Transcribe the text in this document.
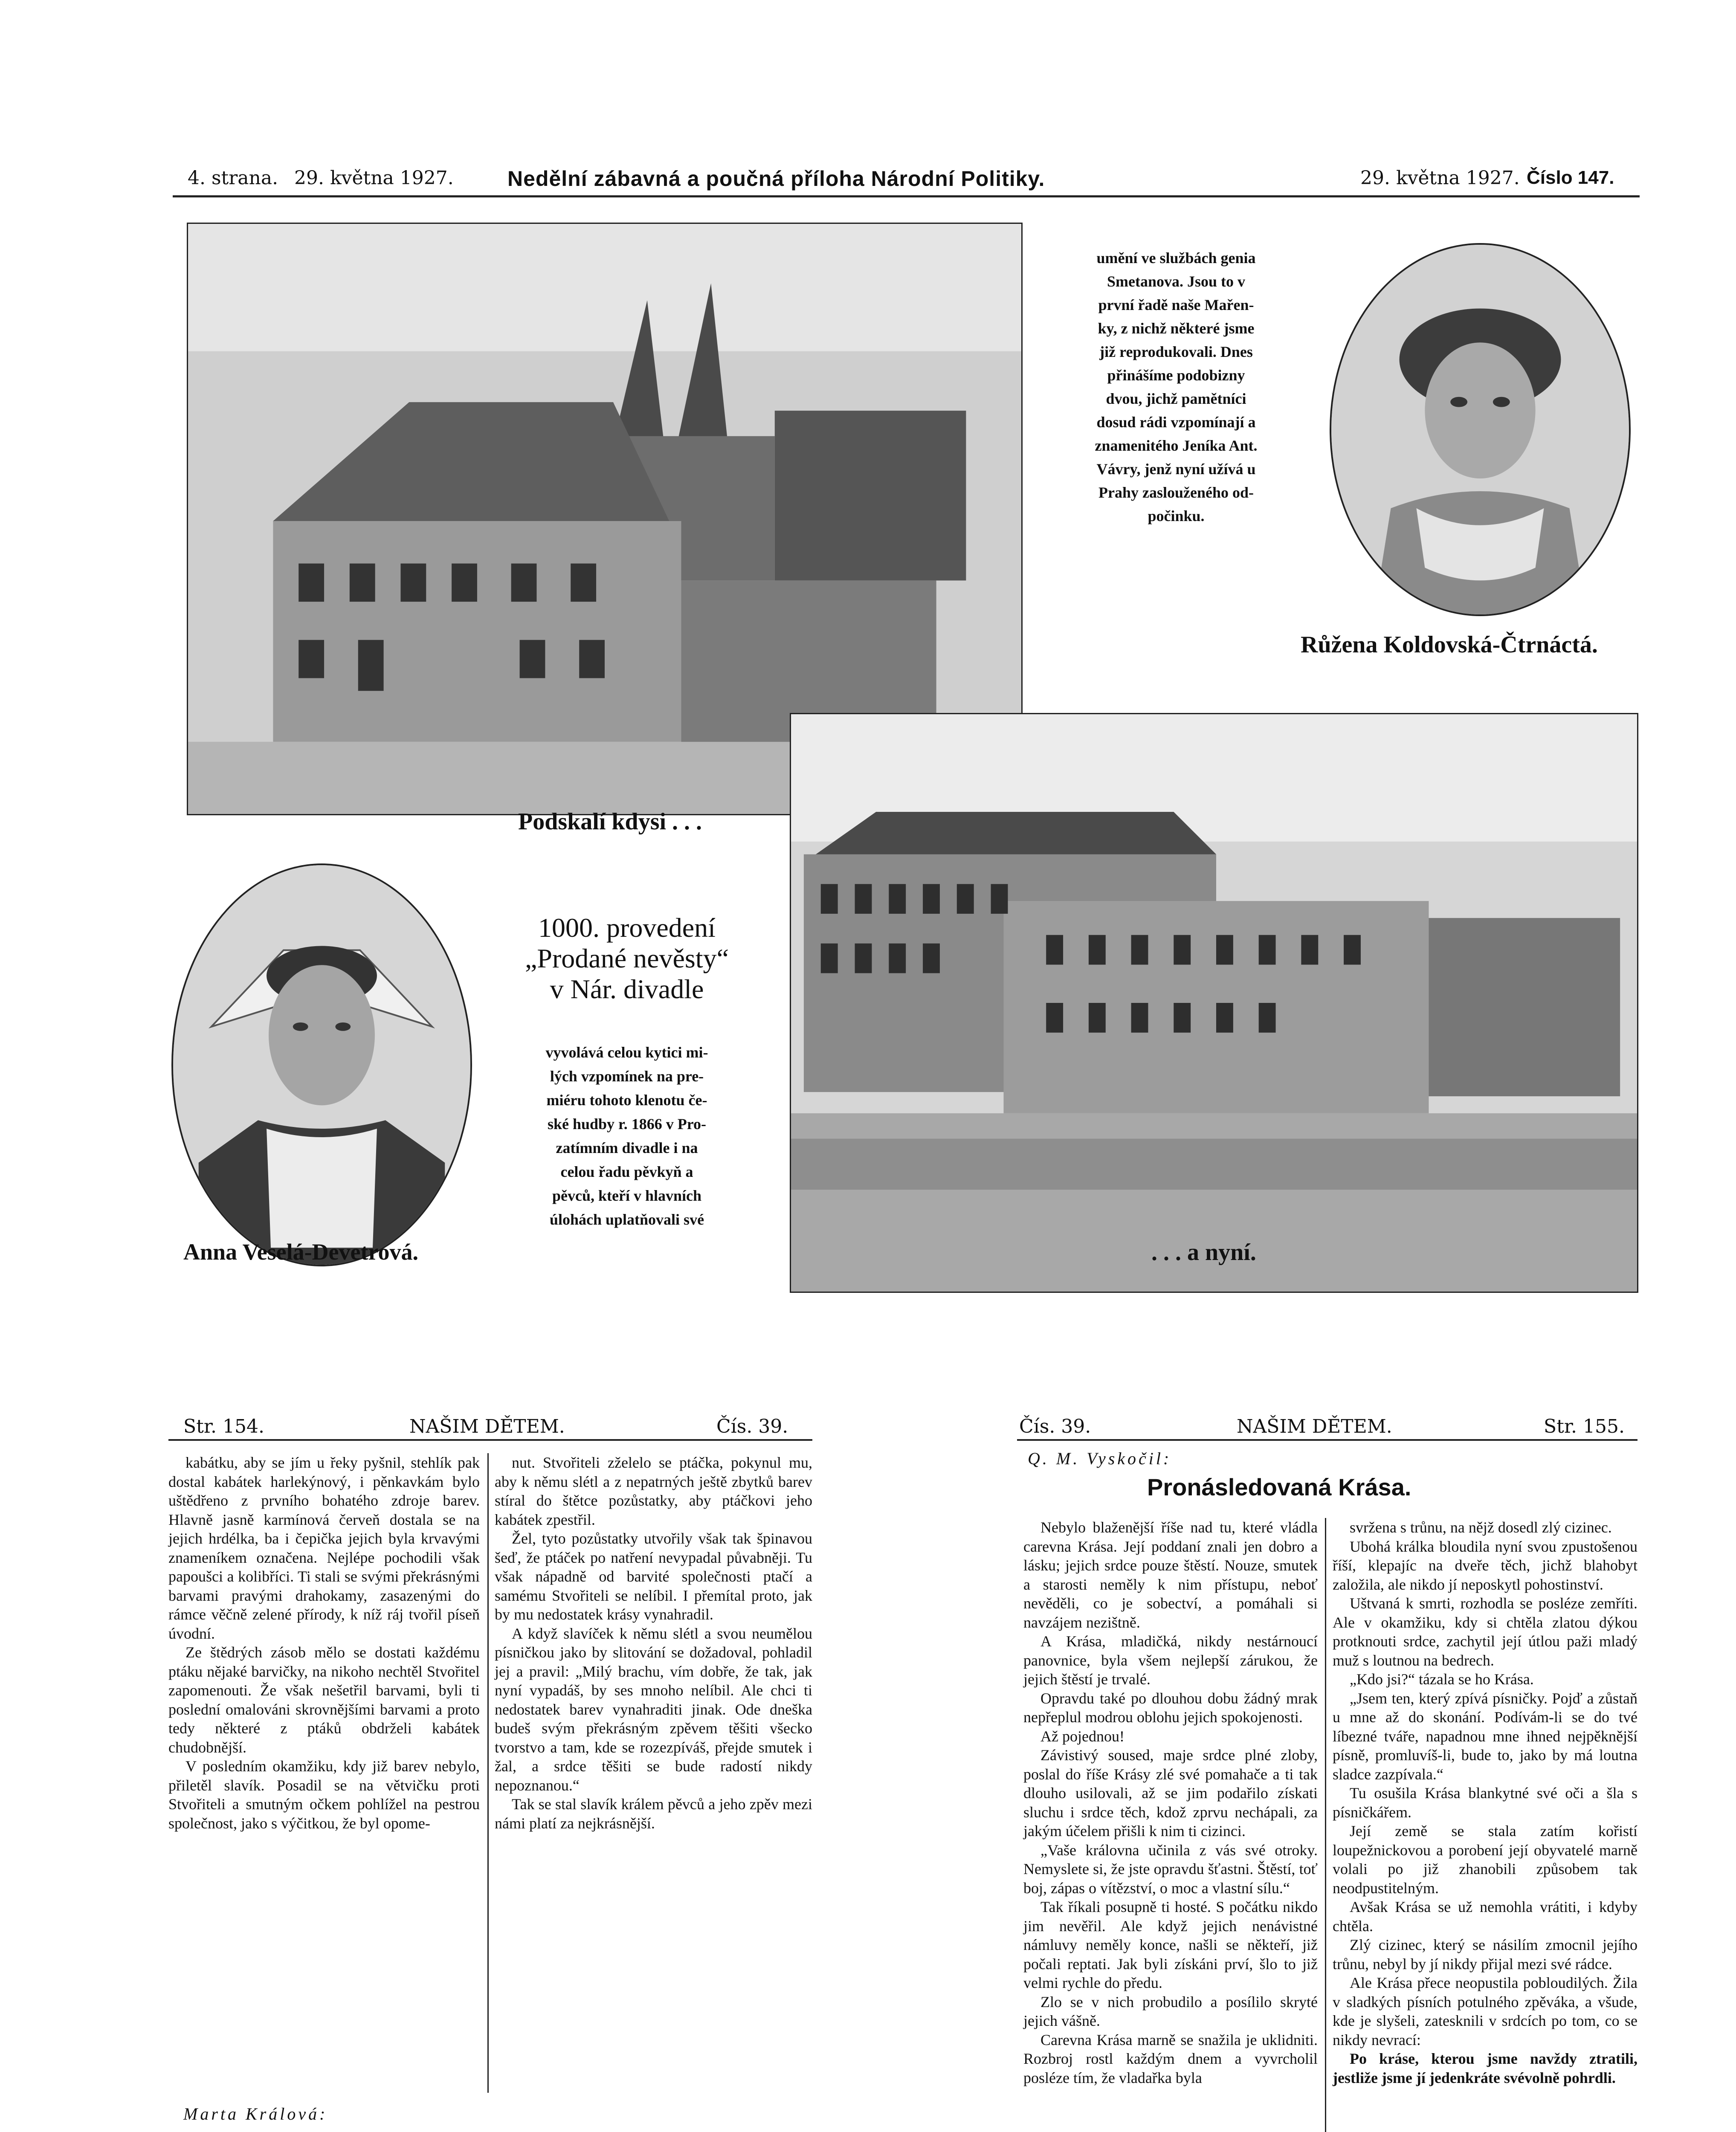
4. strana. 29. května 1927.	Nedělní zábavná a poučná příloha Národní Politiky.	29. května 1927. Číslo 147.

umění ve službách genia

Smetanova. Jsou to v

první řadě naše Mařen-

ky, z nichž některé jsme

již reprodukovali. Dnes

přinášíme podobizny

dvou, jichž pamětníci

dosud rádi vzpomínají a

znamenitého Jeníka Ant.

Vávry, jenž nyní užívá u

Prahy zaslouženého od-

počinku.

Růžena Koldovská-Čtrnáctá.
Podskalí kdysi . . .
1000. provedení
„Prodané nevěsty“
v Nár. divadle

vyvolává celou kytici mi-

lých vzpomínek na pre-

miéru tohoto klenotu če-

ské hudby r. 1866 v Pro-

zatímním divadle i na

celou řadu pěvkyň a

pěvců, kteří v hlavních

úlohách uplatňovali své

Anna Veselá-Devetrová.	. . . a nyní.
Str. 154.	NAŠIM DĚTEM.	Čís. 39.

kabátku, aby se jím u řeky pyšnil, stehlík pak dostal kabátek harlekýnový, i pěnkavkám bylo uštědřeno z prvního bohatého zdroje barev. Hlavně jasně karmínová červeň dostala se na jejich hrdélka, ba i čepička jejich byla krvavými znameníkem označena. Nejlépe pochodili však papoušci a kolibříci. Ti stali se svými překrásnými barvami pravými drahokamy, zasazenými do rámce věčně zelené přírody, k níž ráj tvořil píseň úvodní.

Ze štědrých zásob mělo se dostati každému ptáku nějaké barvičky, na nikoho nechtěl Stvořitel zapomenouti. Že však nešetřil barvami, byli ti poslední omalováni skrovnějšími barvami a proto tedy některé z ptáků obdrželi kabátek chudobnější.

V posledním okamžiku, kdy již barev nebylo, přiletěl slavík. Posadil se na větvičku proti Stvořiteli a smutným očkem pohlížel na pestrou společnost, jako s výčitkou, že byl opome-

nut. Stvořiteli zželelo se ptáčka, pokynul mu, aby k němu slétl a z nepatrných ještě zbytků barev stíral do štětce pozůstatky, aby ptáčkovi jeho kabátek zpestřil.

Žel, tyto pozůstatky utvořily však tak špinavou šeď, že ptáček po natření nevypadal půvabněji. Tu však nápadně od barvité společnosti ptačí a samému Stvořiteli se nelíbil. I přemítal proto, jak by mu nedostatek krásy vynahradil.

A když slavíček k němu slétl a svou neumělou písničkou jako by slitování se dožadoval, pohladil jej a pravil: „Milý brachu, vím dobře, že tak, jak nyní vypadáš, by ses mnoho nelíbil. Ale chci ti nedostatek barev vynahraditi jinak. Ode dneška budeš svým překrásným zpěvem těšiti všecko tvorstvo a tam, kde se rozezpíváš, přejde smutek i žal, a srdce těšiti se bude radostí nikdy nepoznanou.“

Tak se stal slavík králem pěvců a jeho zpěv mezi námi platí za nejkrásnější.

Marta Králová:

Čís. 39.	NAŠIM DĚTEM.	Str. 155.
Q. M. Vyskočil:
Pronásledovaná Krása.

Nebylo blaženější říše nad tu, které vládla carevna Krása. Její poddaní znali jen dobro a lásku; jejich srdce pouze štěstí. Nouze, smutek a starosti neměly k nim přístupu, neboť nevěděli, co je sobectví, a pomáhali si navzájem nezištně.

A Krása, mladičká, nikdy nestárnoucí panovnice, byla všem nejlepší zárukou, že jejich štěstí je trvalé.

Opravdu také po dlouhou dobu žádný mrak nepřeplul modrou oblohu jejich spokojenosti.

Až pojednou!

Závistivý soused, maje srdce plné zloby, poslal do říše Krásy zlé své pomahače a ti tak dlouho usilovali, až se jim podařilo získati sluchu i srdce těch, kdož zprvu nechápali, za jakým účelem přišli k nim ti cizinci.

„Vaše královna učinila z vás své otroky. Nemyslete si, že jste opravdu šťastni. Štěstí, toť boj, zápas o vítězství, o moc a vlastní sílu.“

Tak říkali posupně ti hosté. S počátku nikdo jim nevěřil. Ale když jejich nenávistné námluvy neměly konce, našli se někteří, již počali reptati. Jak byli získáni prví, šlo to již velmi rychle do předu.

Zlo se v nich probudilo a posílilo skryté jejich vášně.

Carevna Krása marně se snažila je uklidniti. Rozbroj rostl každým dnem a vyvrcholil posléze tím, že vladařka byla

svržena s trůnu, na nějž dosedl zlý cizinec.

Ubohá králka bloudila nyní svou zpustošenou říší, klepajíc na dveře těch, jichž blahobyt založila, ale nikdo jí neposkytl pohostinství.

Uštvaná k smrti, rozhodla se posléze zemříti. Ale v okamžiku, kdy si chtěla zlatou dýkou protknouti srdce, zachytil její útlou paži mladý muž s loutnou na bedrech.

„Kdo jsi?“ tázala se ho Krása.

„Jsem ten, který zpívá písničky. Pojď a zůstaň u mne až do skonání. Podívám-li se do tvé líbezné tváře, napadnou mne ihned nejpěknější písně, promluvíš-li, bude to, jako by má loutna sladce zazpívala.“

Tu osušila Krása blankytné své oči a šla s písničkářem.

Její země se stala zatím kořistí loupežnickovou a porobení její obyvatelé marně volali po již zhanobili způsobem tak neodpustitelným.

Avšak Krása se už nemohla vrátiti, i kdyby chtěla.

Zlý cizinec, který se násilím zmocnil jejího trůnu, nebyl by jí nikdy přijal mezi své rádce.

Ale Krása přece neopustila pobloudilých. Žila v sladkých písních potulného zpěváka, a všude, kde je slyšeli, zatesknili v srdcích po tom, co se nikdy nevrací:

Po kráse, kterou jsme navždy ztratili, jestliže jsme jí jedenkráte svévolně pohrdli.
